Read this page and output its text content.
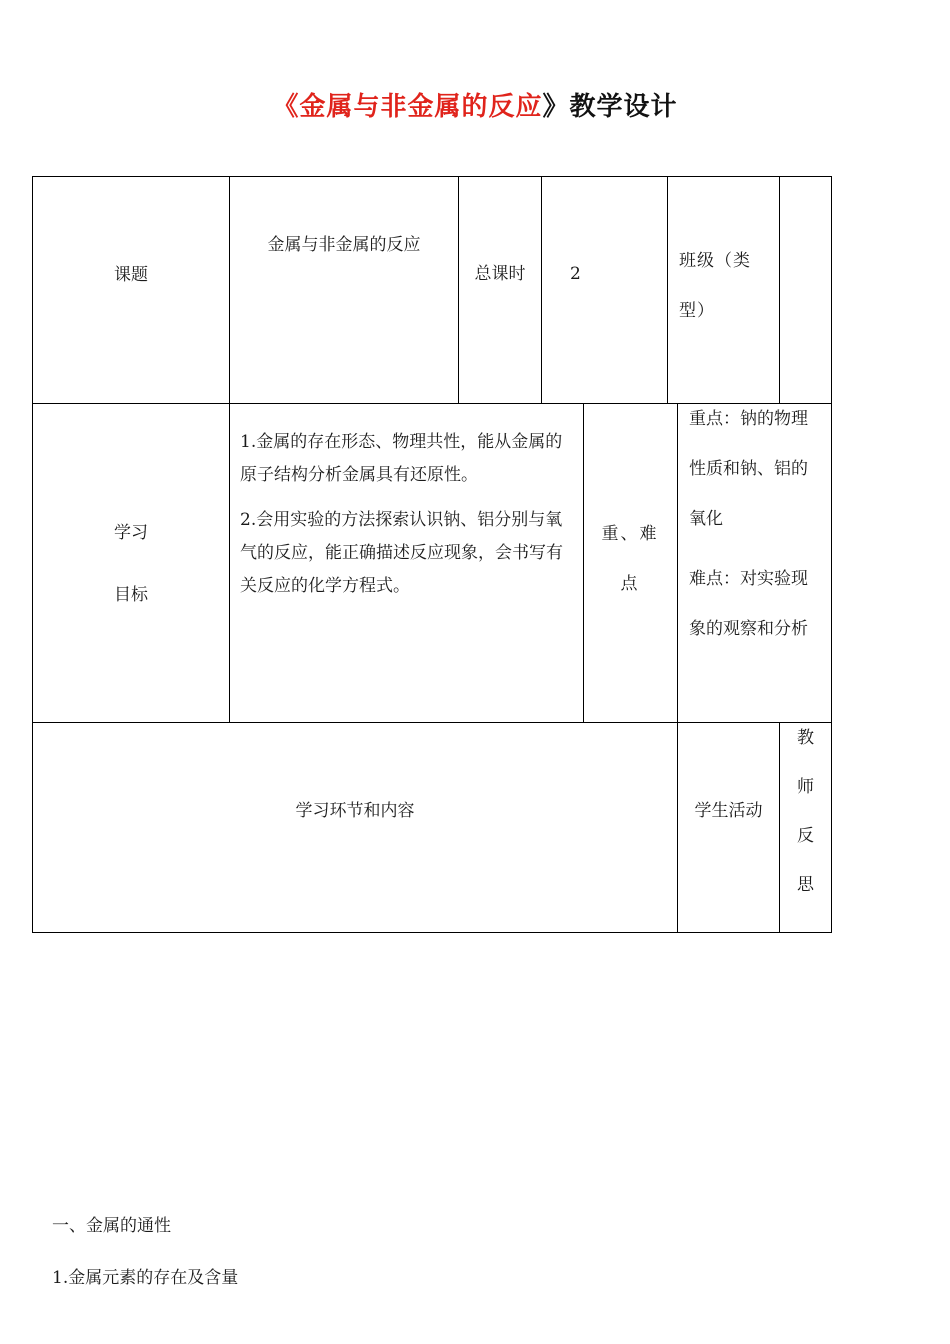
《金属与非金属的反应》教学设计
课题
金属与非金属的反应
总课时	2
班级（类型）
学习
目标

1.金属的存在形态、物理共性，能从金属的原子结构分析金属具有还原性。

2.会用实验的方法探索认识钠、铝分别与氧气的反应，能正确描述反应现象，会书写有关反应的化学方程式。

重、难点

重点：钠的物理性质和钠、铝的氧化

难点：对实验现象的观察和分析

学习环节和内容	学生活动
教师反思
一、金属的通性
1.金属元素的存在及含量
